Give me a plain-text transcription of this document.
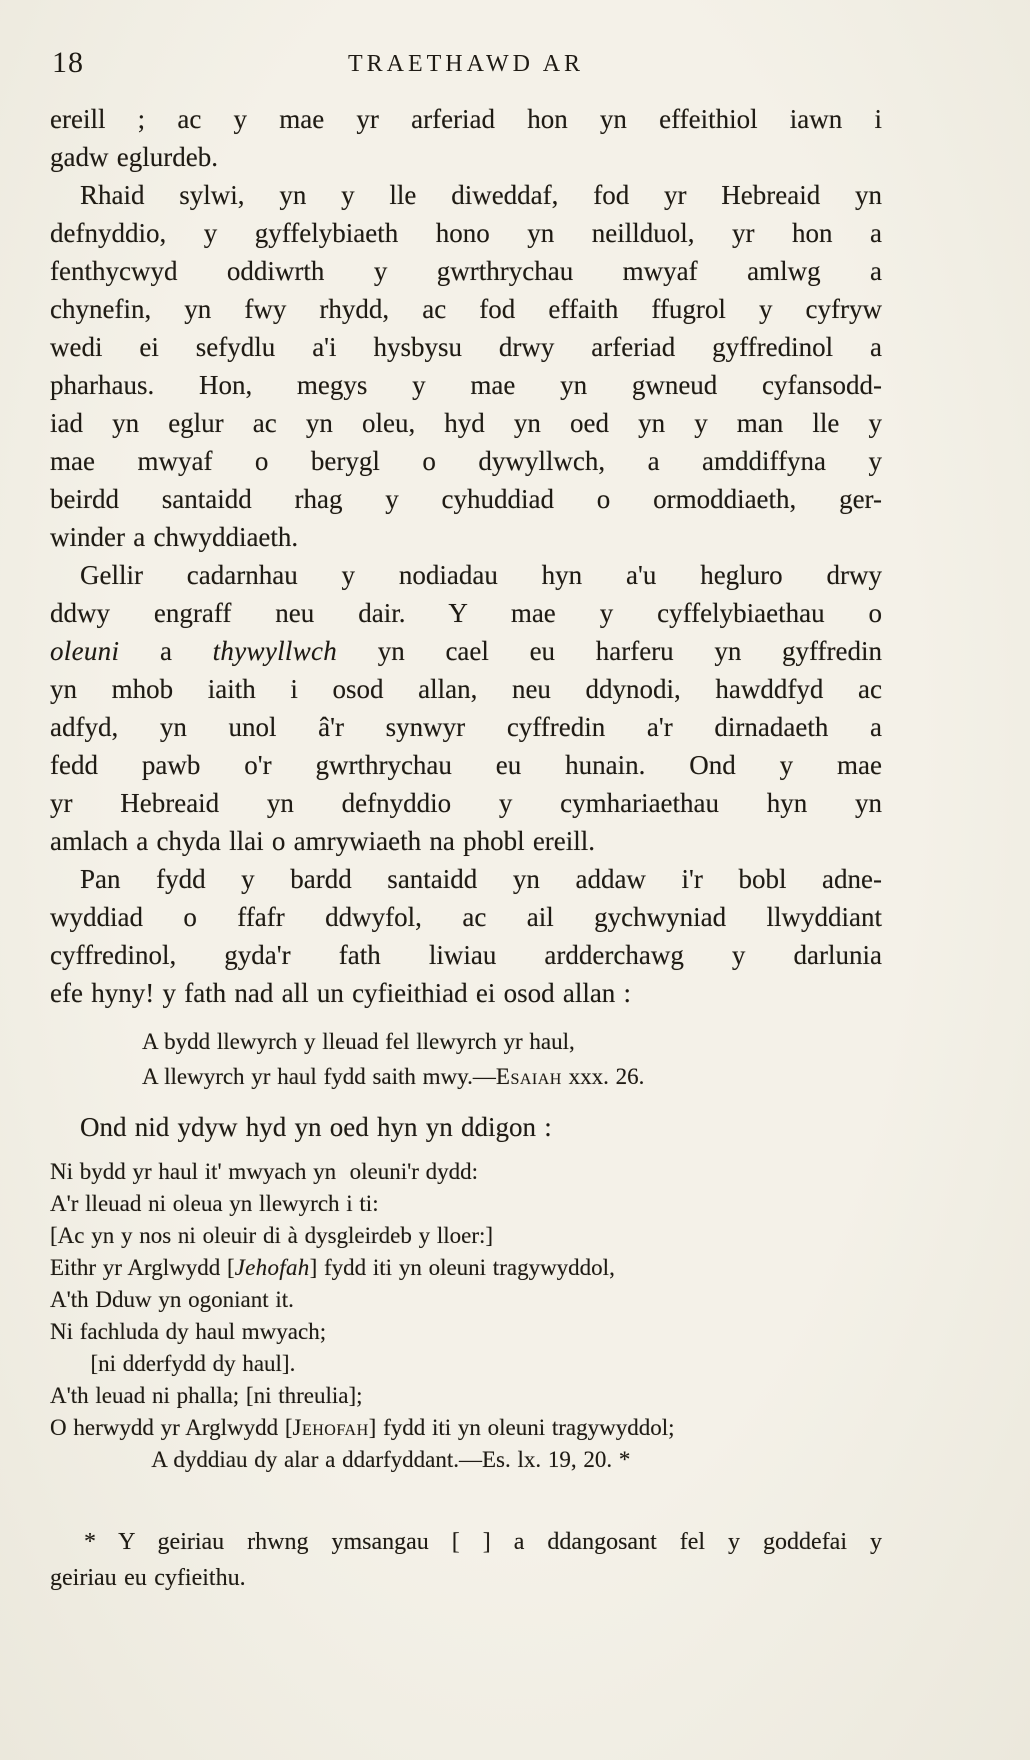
18	TRAETHAWD AR
ereill ; ac y mae yr arferiad hon yn effeithiol iawn i
gadw eglurdeb.
Rhaid sylwi, yn y lle diweddaf, fod yr Hebreaid yn
defnyddio, y gyffelybiaeth hono yn neillduol, yr hon a
fenthycwyd oddiwrth y gwrthrychau mwyaf amlwg a
chynefin, yn fwy rhydd, ac fod effaith ffugrol y cyfryw
wedi ei sefydlu a'i hysbysu drwy arferiad gyffredinol a
pharhaus. Hon, megys y mae yn gwneud cyfansodd-
iad yn eglur ac yn oleu, hyd yn oed yn y man lle y
mae mwyaf o berygl o dywyllwch, a amddiffyna y
beirdd santaidd rhag y cyhuddiad o ormoddiaeth, ger-
winder a chwyddiaeth.
Gellir cadarnhau y nodiadau hyn a'u hegluro drwy
ddwy engraff neu dair. Y mae y cyffelybiaethau o
oleuni a thywyllwch yn cael eu harferu yn gyffredin
yn mhob iaith i osod allan, neu ddynodi, hawddfyd ac
adfyd, yn unol â'r synwyr cyffredin a'r dirnadaeth a
fedd pawb o'r gwrthrychau eu hunain. Ond y mae
yr Hebreaid yn defnyddio y cymhariaethau hyn yn
amlach a chyda llai o amrywiaeth na phobl ereill.
Pan fydd y bardd santaidd yn addaw i'r bobl adne-
wyddiad o ffafr ddwyfol, ac ail gychwyniad llwyddiant
cyffredinol, gyda'r fath liwiau ardderchawg y darlunia
efe hyny! y fath nad all un cyfieithiad ei osod allan :
A bydd llewyrch y lleuad fel llewyrch yr haul,
A llewyrch yr haul fydd saith mwy.—Esaiah xxx. 26.
Ond nid ydyw hyd yn oed hyn yn ddigon :
Ni bydd yr haul it' mwyach yn  oleuni'r dydd:
A'r lleuad ni oleua yn llewyrch i ti:
[Ac yn y nos ni oleuir di à dysgleirdeb y lloer:]
Eithr yr Arglwydd [Jehofah] fydd iti yn oleuni tragywyddol,
A'th Dduw yn ogoniant it.
Ni fachluda dy haul mwyach;
[ni dderfydd dy haul].
A'th leuad ni phalla; [ni threulia];
O herwydd yr Arglwydd [Jehofah] fydd iti yn oleuni tragywyddol;
A dyddiau dy alar a ddarfyddant.—Es. lx. 19, 20. *
* Y geiriau rhwng ymsangau [ ] a ddangosant fel y goddefai y
geiriau eu cyfieithu.
